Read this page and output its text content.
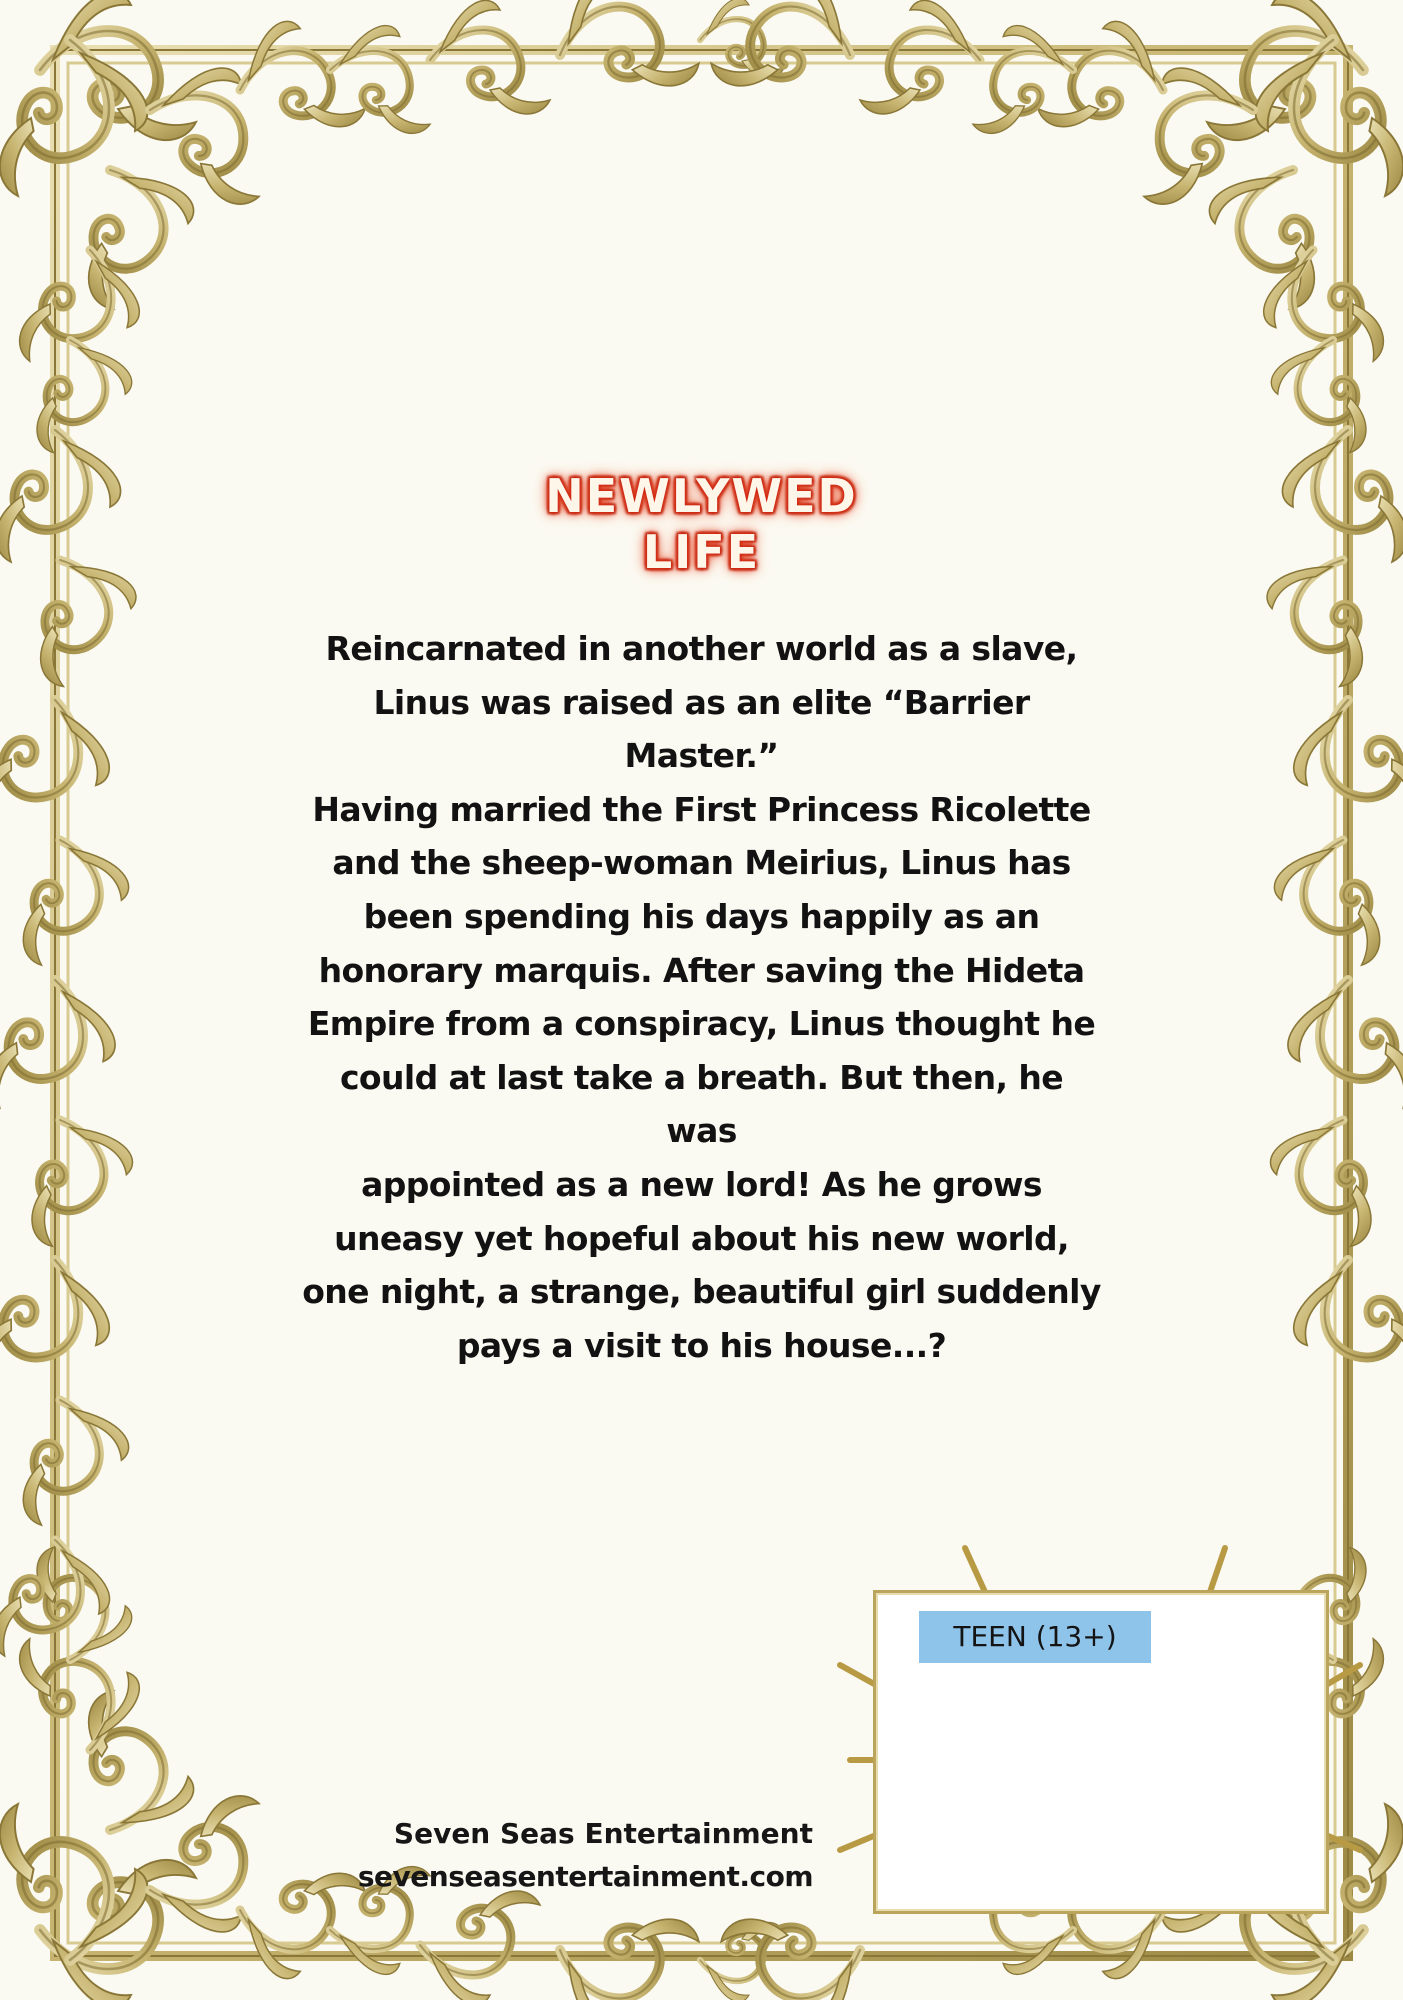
NEWLYWED
LIFE
Reincarnated in another world as a slave,
Linus was raised as an elite “Barrier Master.”
Having married the First Princess Ricolette
and the sheep-woman Meirius, Linus has
been spending his days happily as an
honorary marquis. After saving the Hideta
Empire from a conspiracy, Linus thought he
could at last take a breath. But then, he was
appointed as a new lord! As he grows
uneasy yet hopeful about his new world,
one night, a strange, beautiful girl suddenly
pays a visit to his house...?
Seven Seas Entertainment
sevenseasentertainment.com
TEEN (13+)
